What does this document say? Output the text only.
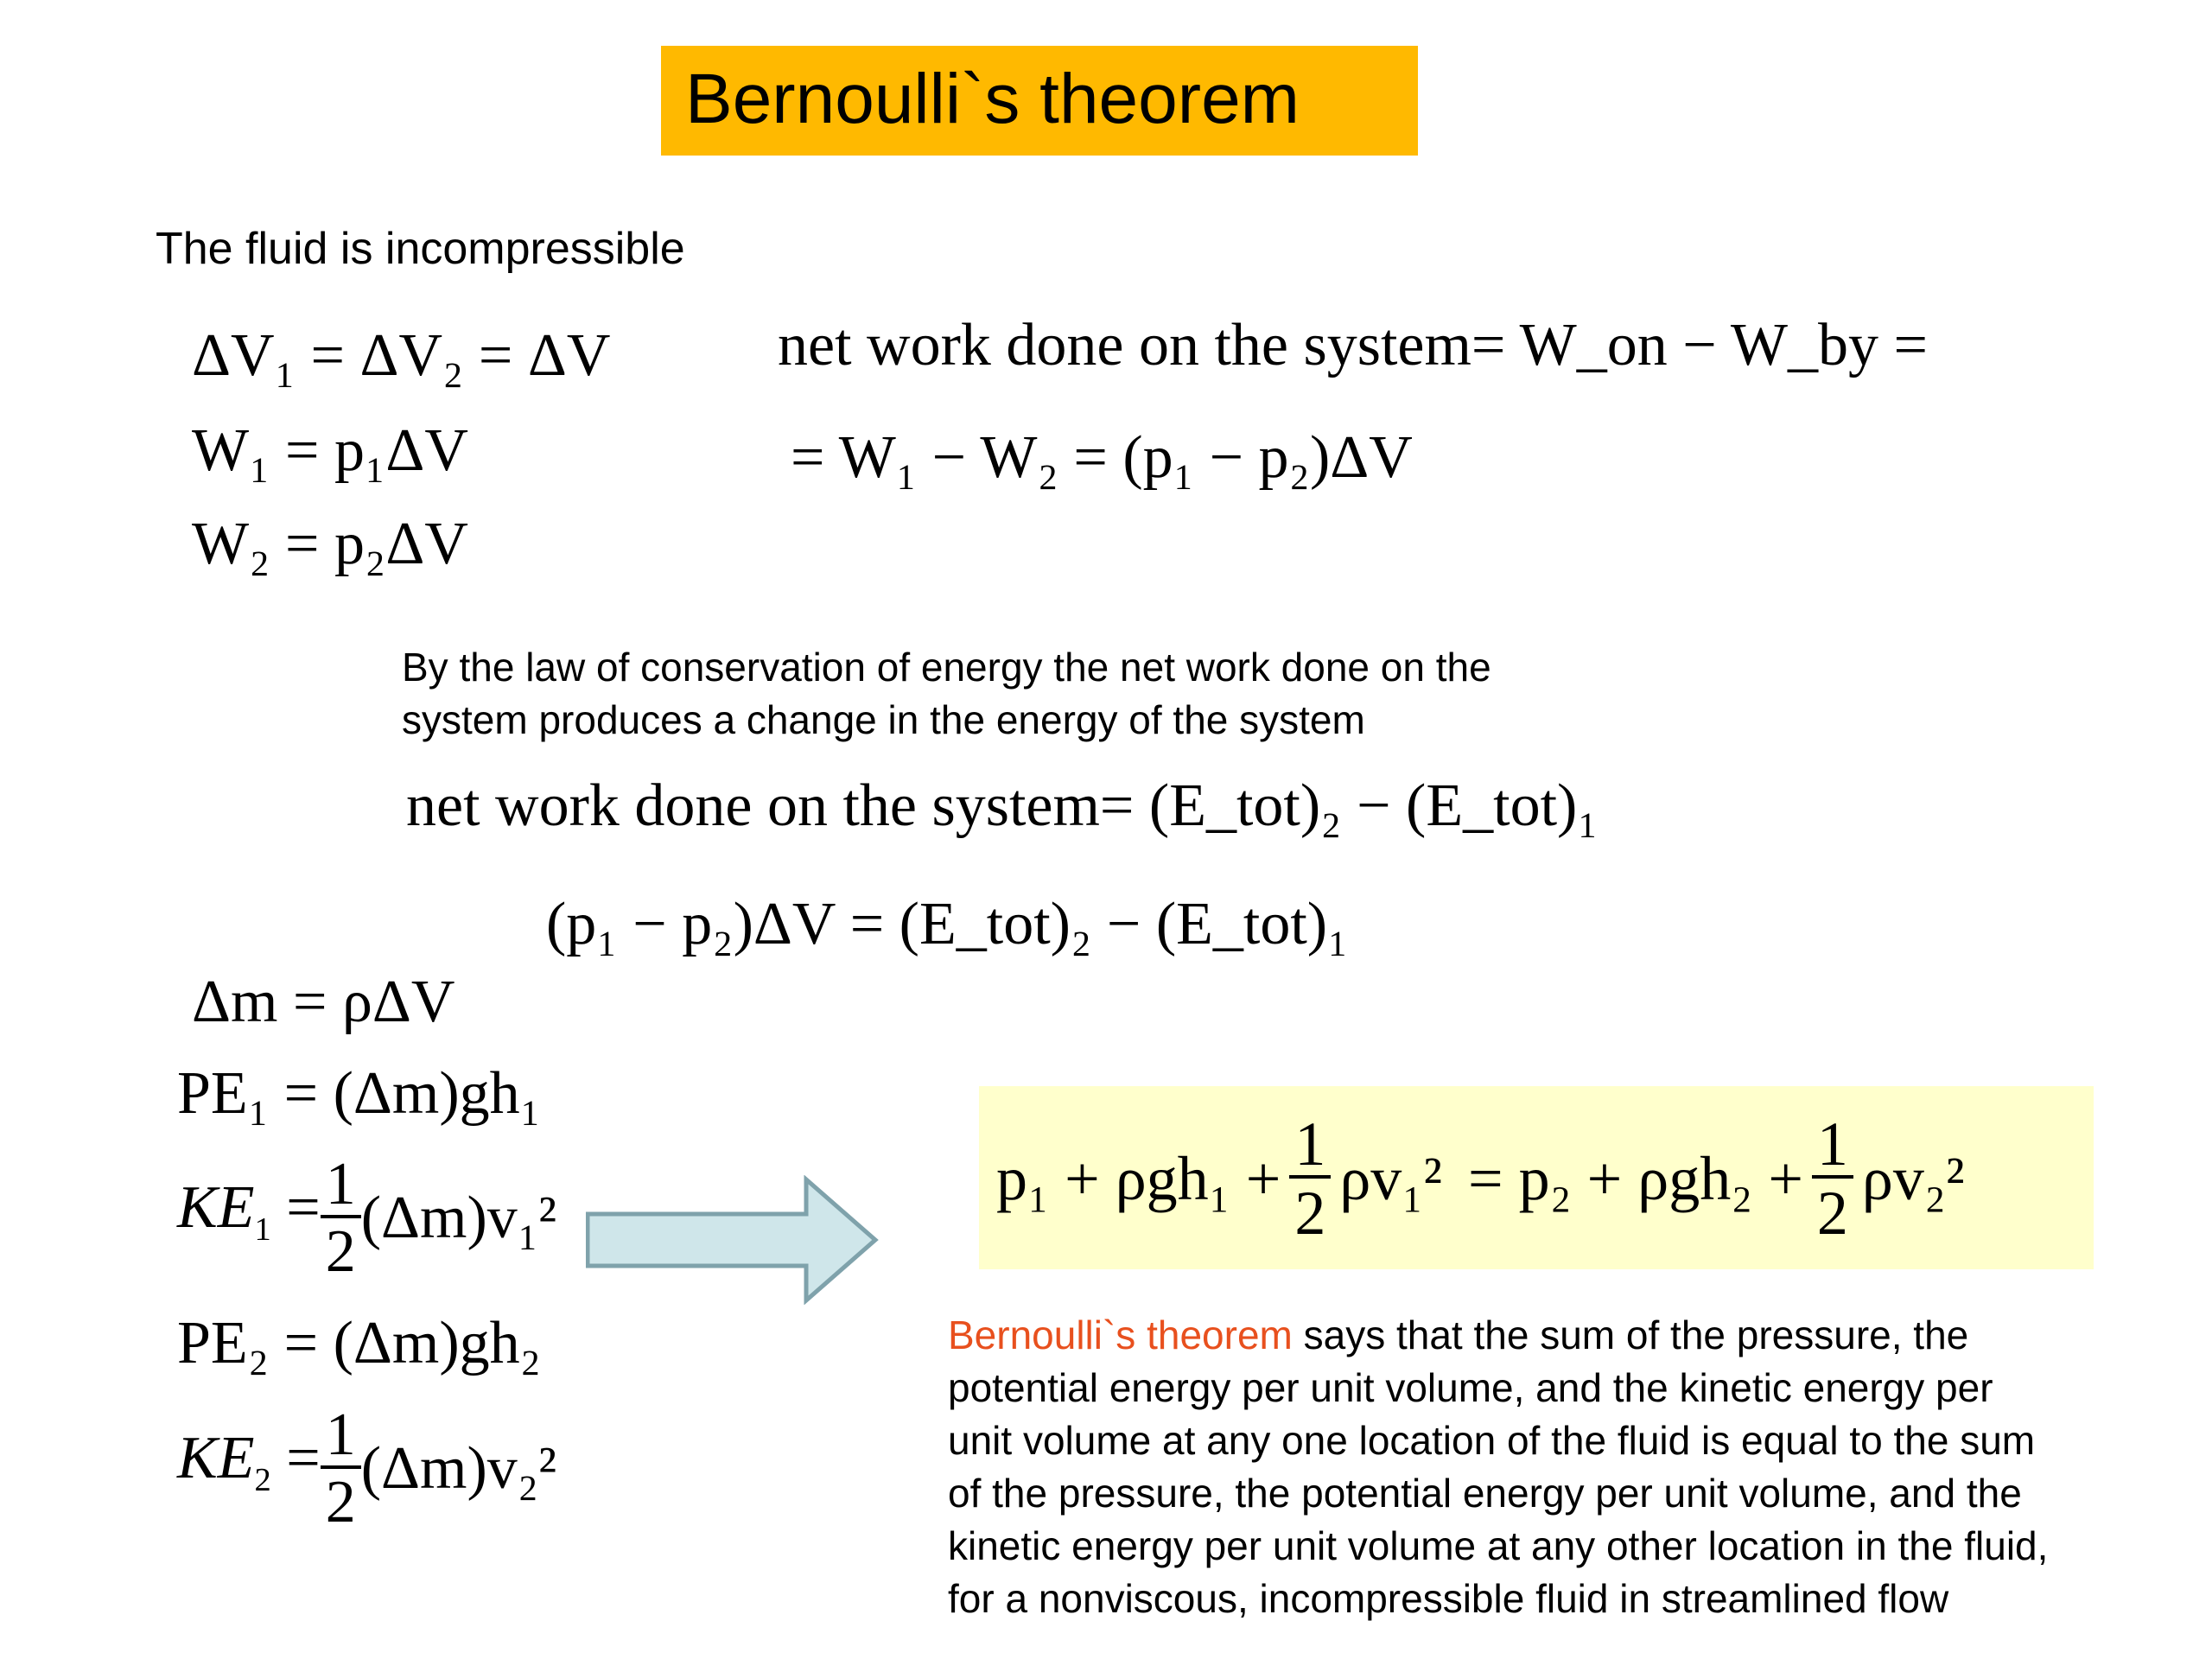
Bernoulli`s theorem
The fluid is incompressible
ΔV₁ = ΔV₂ = ΔV
W₁ = p₁ΔV
W₂ = p₂ΔV
net work done on the system= W_on − W_by =
= W₁ − W₂ = (p₁ − p₂)ΔV
By the law of conservation of energy the net work done on the
system produces a change in the energy of the system
net work done on the system= (E_tot)₂ − (E_tot)₁
(p₁ − p₂)ΔV = (E_tot)₂ − (E_tot)₁
Δm = ρΔV
PE₁ = (Δm)gh₁
$KE_1 = \frac{1}{2} (\Delta m)v_1^2$
PE₂ = (Δm)gh₂
$KE_2 = \frac{1}{2} (\Delta m)v_2^2$
$p_1 + \rho gh_1 + \frac{1}{2} \rho v_1^2 = p_2 + \rho gh_2 + \frac{1}{2} \rho v_2^2$
Bernoulli`s theorem says that the sum of the pressure, the
potential energy per unit volume, and the kinetic energy per
unit volume at any one location of the fluid is equal to the sum
of the pressure, the potential energy per unit volume, and the
kinetic energy per unit volume at any other location in the fluid,
for a nonviscous, incompressible fluid in streamlined flow
